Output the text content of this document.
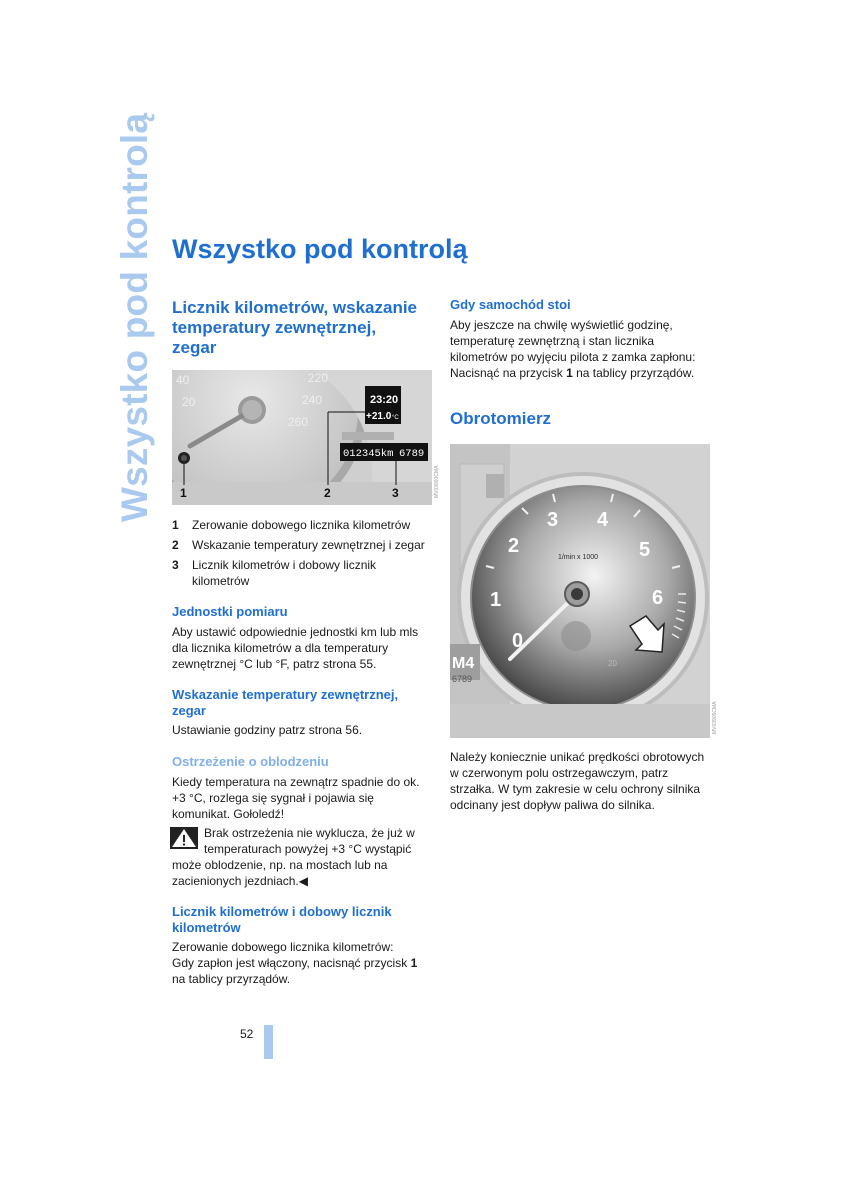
Wszystko pod kontrolą Wszystko pod kontrolą
Licznik kilometrów, wskazanie
temperatury zewnętrznej,
zegar
40
20
220
240
260
23:20
+21.0 °C
012345km 6789
1	2	3	MV03993CMA
1 Zerowanie dobowego licznika kilometrów
2 Wskazanie temperatury zewnętrznej i zegar
3 Licznik kilometrów i dobowy licznik kilometrów
Jednostki pomiaru

Aby ustawić odpowiednie jednostki km lub mls dla licznika kilometrów a dla temperatury zewnętrznej °C lub °F, patrz strona 55.

Wskazanie temperatury zewnętrznej,
zegar

Ustawianie godziny patrz strona 56.

Ostrzeżenie o oblodzeniu

Kiedy temperatura na zewnątrz spadnie do ok. +3 °C, rozlega się sygnał i pojawia się komunikat. Gołoledź!

Brak ostrzeżenia nie wyklucza, że już w

temperaturach powyżej +3 °C wystąpić

może oblodzenie, np. na mostach lub na zacienionych jezdniach.◀

Licznik kilometrów i dobowy licznik
kilometrów

Zerowanie dobowego licznika kilometrów:
Gdy zapłon jest włączony, nacisnąć przycisk 1
na tablicy przyrządów.

Gdy samochód stoi

Aby jeszcze na chwilę wyświetlić godzinę, temperaturę zewnętrzną i stan licznika kilometrów po wyjęciu pilota z zamka zapłonu: Nacisnąć na przycisk 1 na tablicy przyrządów.

Obrotomierz
1
2
3 4
5
6
0
1/min x 1000
20
M4
6789
MV03905CMA

Należy koniecznie unikać prędkości obrotowych w czerwonym polu ostrzegawczym, patrz strzałka. W tym zakresie w celu ochrony silnika odcinany jest dopływ paliwa do silnika.

52
